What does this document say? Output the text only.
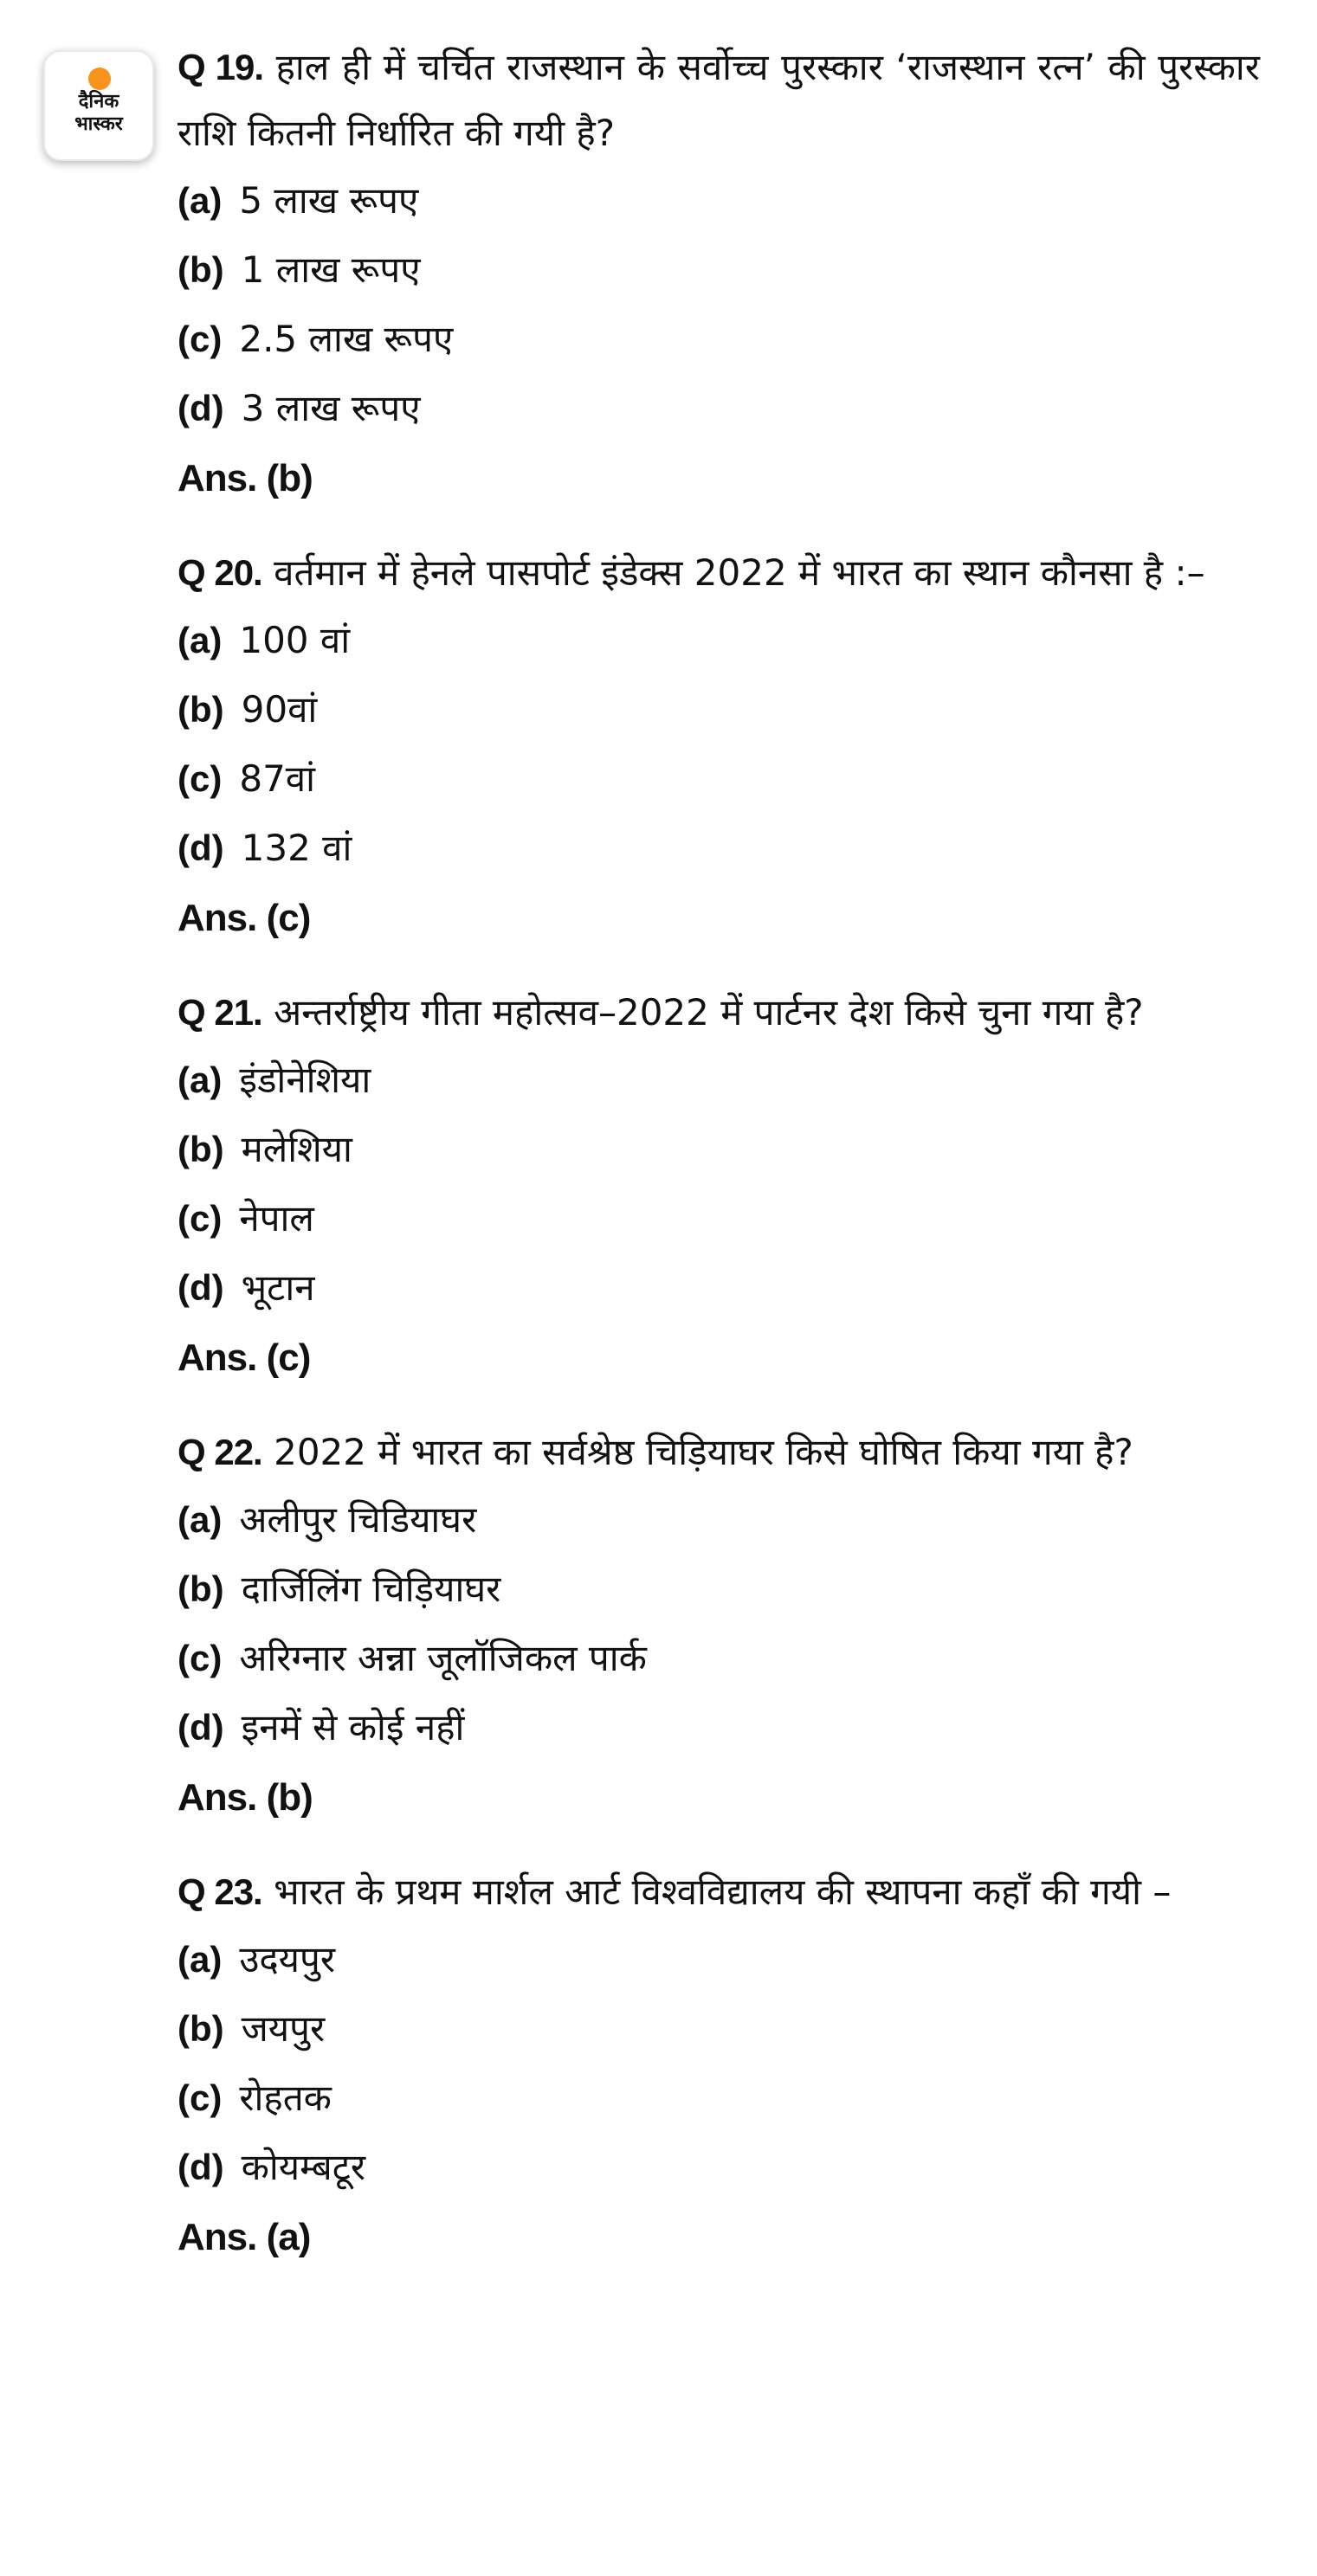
दैनिक
भास्कर
Q 19. हाल ही में चर्चित राजस्थान के सर्वोच्च पुरस्कार ‘राजस्थान रत्न’ की पुरस्कार राशि कितनी निर्धारित की गयी है?
(a) 5 लाख रूपए
(b) 1 लाख रूपए
(c) 2.5 लाख रूपए
(d) 3 लाख रूपए
Ans. (b)
Q 20. वर्तमान में हेनले पासपोर्ट इंडेक्स 2022 में भारत का स्थान कौनसा है :–
(a) 100 वां
(b) 90वां
(c) 87वां
(d) 132 वां
Ans. (c)
Q 21. अन्तर्राष्ट्रीय गीता महोत्सव–2022 में पार्टनर देश किसे चुना गया है?
(a) इंडोनेशिया
(b) मलेशिया
(c) नेपाल
(d) भूटान
Ans. (c)
Q 22. 2022 में भारत का सर्वश्रेष्ठ चिड़ियाघर किसे घोषित किया गया है?
(a) अलीपुर चिडियाघर
(b) दार्जिलिंग चिड़ियाघर
(c) अरिग्नार अन्ना जूलॉजिकल पार्क
(d) इनमें से कोई नहीं
Ans. (b)
Q 23. भारत के प्रथम मार्शल आर्ट विश्वविद्यालय की स्थापना कहाँ की गयी –
(a) उदयपुर
(b) जयपुर
(c) रोहतक
(d) कोयम्बटूर
Ans. (a)
